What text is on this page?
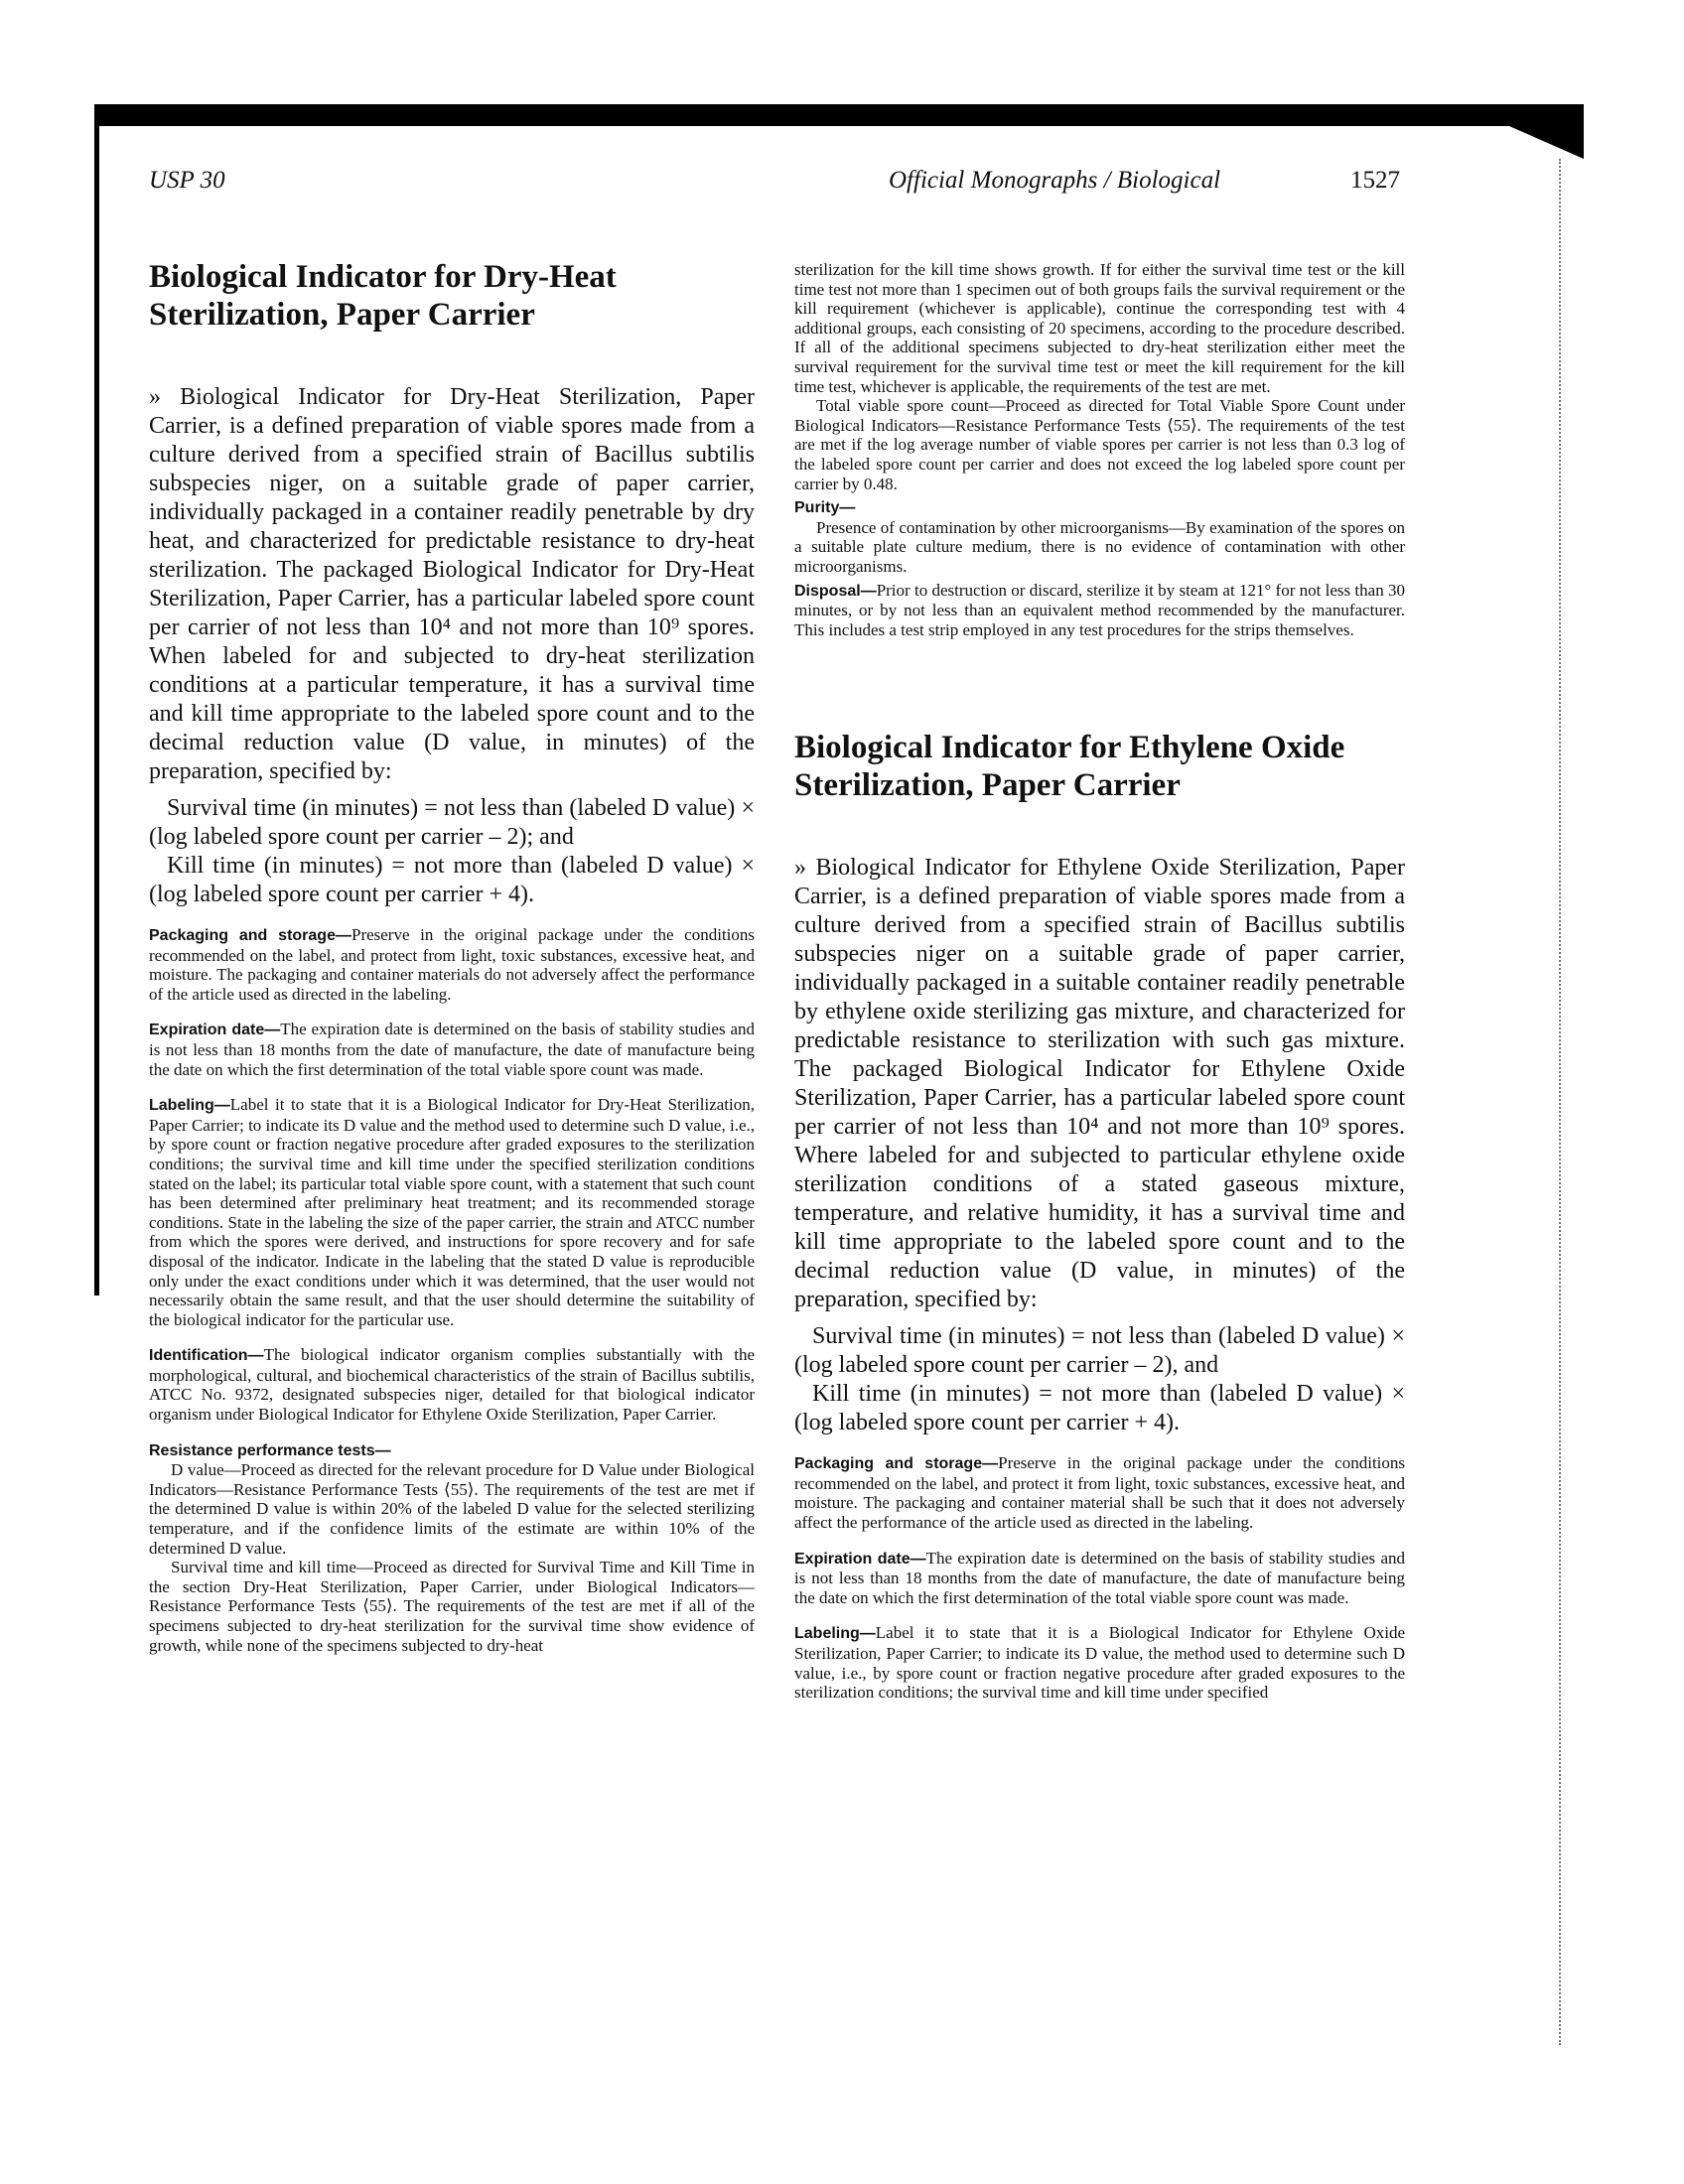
USP 30	Official Monographs / Biological	1527
Biological Indicator for Dry-Heat Sterilization, Paper Carrier

» Biological Indicator for Dry-Heat Sterilization, Paper Carrier, is a defined preparation of viable spores made from a culture derived from a specified strain of Bacillus subtilis subspecies niger, on a suitable grade of paper carrier, individually packaged in a container readily penetrable by dry heat, and characterized for predictable resistance to dry-heat sterilization. The packaged Biological Indicator for Dry-Heat Sterilization, Paper Carrier, has a particular labeled spore count per carrier of not less than 10⁴ and not more than 10⁹ spores. When labeled for and subjected to dry-heat sterilization conditions at a particular temperature, it has a survival time and kill time appropriate to the labeled spore count and to the decimal reduction value (D value, in minutes) of the preparation, specified by:

Survival time (in minutes) = not less than (labeled D value) × (log labeled spore count per carrier – 2); and

Kill time (in minutes) = not more than (labeled D value) × (log labeled spore count per carrier + 4).

Packaging and storage—Preserve in the original package under the conditions recommended on the label, and protect from light, toxic substances, excessive heat, and moisture. The packaging and container materials do not adversely affect the performance of the article used as directed in the labeling.

Expiration date—The expiration date is determined on the basis of stability studies and is not less than 18 months from the date of manufacture, the date of manufacture being the date on which the first determination of the total viable spore count was made.

Labeling—Label it to state that it is a Biological Indicator for Dry-Heat Sterilization, Paper Carrier; to indicate its D value and the method used to determine such D value, i.e., by spore count or fraction negative procedure after graded exposures to the sterilization conditions; the survival time and kill time under the specified sterilization conditions stated on the label; its particular total viable spore count, with a statement that such count has been determined after preliminary heat treatment; and its recommended storage conditions. State in the labeling the size of the paper carrier, the strain and ATCC number from which the spores were derived, and instructions for spore recovery and for safe disposal of the indicator. Indicate in the labeling that the stated D value is reproducible only under the exact conditions under which it was determined, that the user would not necessarily obtain the same result, and that the user should determine the suitability of the biological indicator for the particular use.

Identification—The biological indicator organism complies substantially with the morphological, cultural, and biochemical characteristics of the strain of Bacillus subtilis, ATCC No. 9372, designated subspecies niger, detailed for that biological indicator organism under Biological Indicator for Ethylene Oxide Sterilization, Paper Carrier.

Resistance performance tests—

D value—Proceed as directed for the relevant procedure for D Value under Biological Indicators—Resistance Performance Tests ⟨55⟩. The requirements of the test are met if the determined D value is within 20% of the labeled D value for the selected sterilizing temperature, and if the confidence limits of the estimate are within 10% of the determined D value.

Survival time and kill time—Proceed as directed for Survival Time and Kill Time in the section Dry-Heat Sterilization, Paper Carrier, under Biological Indicators—Resistance Performance Tests ⟨55⟩. The requirements of the test are met if all of the specimens subjected to dry-heat sterilization for the survival time show evidence of growth, while none of the specimens subjected to dry-heat

sterilization for the kill time shows growth. If for either the survival time test or the kill time test not more than 1 specimen out of both groups fails the survival requirement or the kill requirement (whichever is applicable), continue the corresponding test with 4 additional groups, each consisting of 20 specimens, according to the procedure described. If all of the additional specimens subjected to dry-heat sterilization either meet the survival requirement for the survival time test or meet the kill requirement for the kill time test, whichever is applicable, the requirements of the test are met.

Total viable spore count—Proceed as directed for Total Viable Spore Count under Biological Indicators—Resistance Performance Tests ⟨55⟩. The requirements of the test are met if the log average number of viable spores per carrier is not less than 0.3 log of the labeled spore count per carrier and does not exceed the log labeled spore count per carrier by 0.48.

Purity—

Presence of contamination by other microorganisms—By examination of the spores on a suitable plate culture medium, there is no evidence of contamination with other microorganisms.

Disposal—Prior to destruction or discard, sterilize it by steam at 121° for not less than 30 minutes, or by not less than an equivalent method recommended by the manufacturer. This includes a test strip employed in any test procedures for the strips themselves.

Biological Indicator for Ethylene Oxide Sterilization, Paper Carrier

» Biological Indicator for Ethylene Oxide Sterilization, Paper Carrier, is a defined preparation of viable spores made from a culture derived from a specified strain of Bacillus subtilis subspecies niger on a suitable grade of paper carrier, individually packaged in a suitable container readily penetrable by ethylene oxide sterilizing gas mixture, and characterized for predictable resistance to sterilization with such gas mixture. The packaged Biological Indicator for Ethylene Oxide Sterilization, Paper Carrier, has a particular labeled spore count per carrier of not less than 10⁴ and not more than 10⁹ spores. Where labeled for and subjected to particular ethylene oxide sterilization conditions of a stated gaseous mixture, temperature, and relative humidity, it has a survival time and kill time appropriate to the labeled spore count and to the decimal reduction value (D value, in minutes) of the preparation, specified by:

Survival time (in minutes) = not less than (labeled D value) × (log labeled spore count per carrier – 2), and

Kill time (in minutes) = not more than (labeled D value) × (log labeled spore count per carrier + 4).

Packaging and storage—Preserve in the original package under the conditions recommended on the label, and protect it from light, toxic substances, excessive heat, and moisture. The packaging and container material shall be such that it does not adversely affect the performance of the article used as directed in the labeling.

Expiration date—The expiration date is determined on the basis of stability studies and is not less than 18 months from the date of manufacture, the date of manufacture being the date on which the first determination of the total viable spore count was made.

Labeling—Label it to state that it is a Biological Indicator for Ethylene Oxide Sterilization, Paper Carrier; to indicate its D value, the method used to determine such D value, i.e., by spore count or fraction negative procedure after graded exposures to the sterilization conditions; the survival time and kill time under specified
